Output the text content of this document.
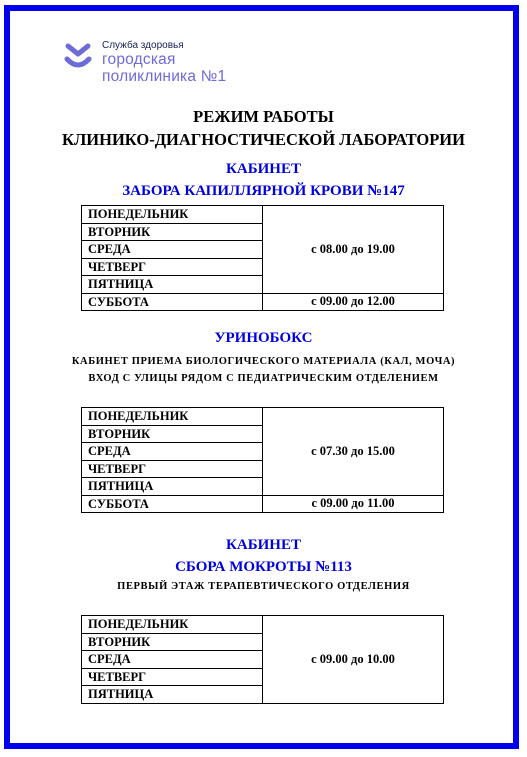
Служба здоровья
городская
поликлиника №1
РЕЖИМ РАБОТЫ
КЛИНИКО-ДИАГНОСТИЧЕСКОЙ ЛАБОРАТОРИИ
КАБИНЕТ
ЗАБОРА КАПИЛЛЯРНОЙ КРОВИ №147
ПОНЕДЕЛЬНИК	с 08.00 до 19.00
ВТОРНИК	
СРЕДА	
ЧЕТВЕРГ	
ПЯТНИЦА	
СУББОТА	с 09.00 до 12.00
УРИНОБОКС
КАБИНЕТ ПРИЕМА БИОЛОГИЧЕСКОГО МАТЕРИАЛА (КАЛ, МОЧА)
ВХОД С УЛИЦЫ РЯДОМ С ПЕДИАТРИЧЕСКИМ ОТДЕЛЕНИЕМ
ПОНЕДЕЛЬНИК	с 07.30 до 15.00
ВТОРНИК	
СРЕДА	
ЧЕТВЕРГ	
ПЯТНИЦА	
СУББОТА	с 09.00 до 11.00
КАБИНЕТ
СБОРА МОКРОТЫ №113
ПЕРВЫЙ ЭТАЖ ТЕРАПЕВТИЧЕСКОГО ОТДЕЛЕНИЯ
ПОНЕДЕЛЬНИК	с 09.00 до 10.00
ВТОРНИК
СРЕДА
ЧЕТВЕРГ
ПЯТНИЦА
